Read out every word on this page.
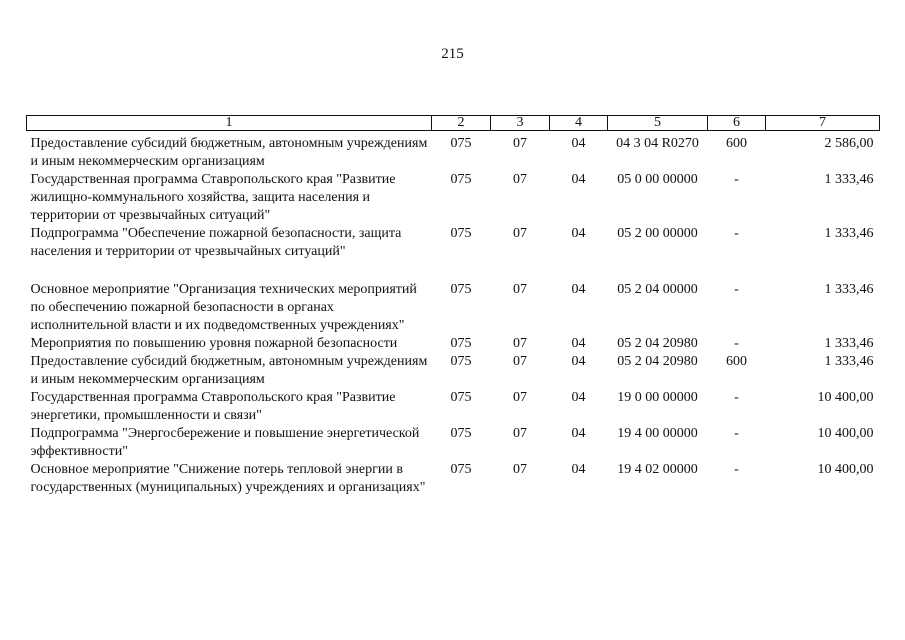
215
1	2	3	4	5	6	7
Предоставление субсидий бюджетным, автономным учреждениям и иным некоммерческим организациям	075	07	04	04 3 04 R0270	600	2 586,00
Государственная программа Ставропольского края "Развитие жилищно-коммунального хозяйства, защита населения и территории от чрезвычайных ситуаций"	075	07	04	05 0 00 00000	-	1 333,46
Подпрограмма "Обеспечение пожарной безопасности, защита населения и территории от чрезвычайных ситуаций"	075	07	04	05 2 00 00000	-	1 333,46
Основное мероприятие "Организация технических мероприятий по обеспечению пожарной безопасности в органах исполнительной власти и их подведомственных учреждениях"	075	07	04	05 2 04 00000	-	1 333,46
Мероприятия по повышению уровня пожарной безопасности	075	07	04	05 2 04 20980	-	1 333,46
Предоставление субсидий бюджетным, автономным учреждениям и иным некоммерческим организациям	075	07	04	05 2 04 20980	600	1 333,46
Государственная программа Ставропольского края "Развитие энергетики, промышленности и связи"	075	07	04	19 0 00 00000	-	10 400,00
Подпрограмма "Энергосбережение и повышение энергетической эффективности"	075	07	04	19 4 00 00000	-	10 400,00
Основное мероприятие "Снижение потерь тепловой энергии в государственных (муниципальных) учреждениях и организациях"	075	07	04	19 4 02 00000	-	10 400,00
